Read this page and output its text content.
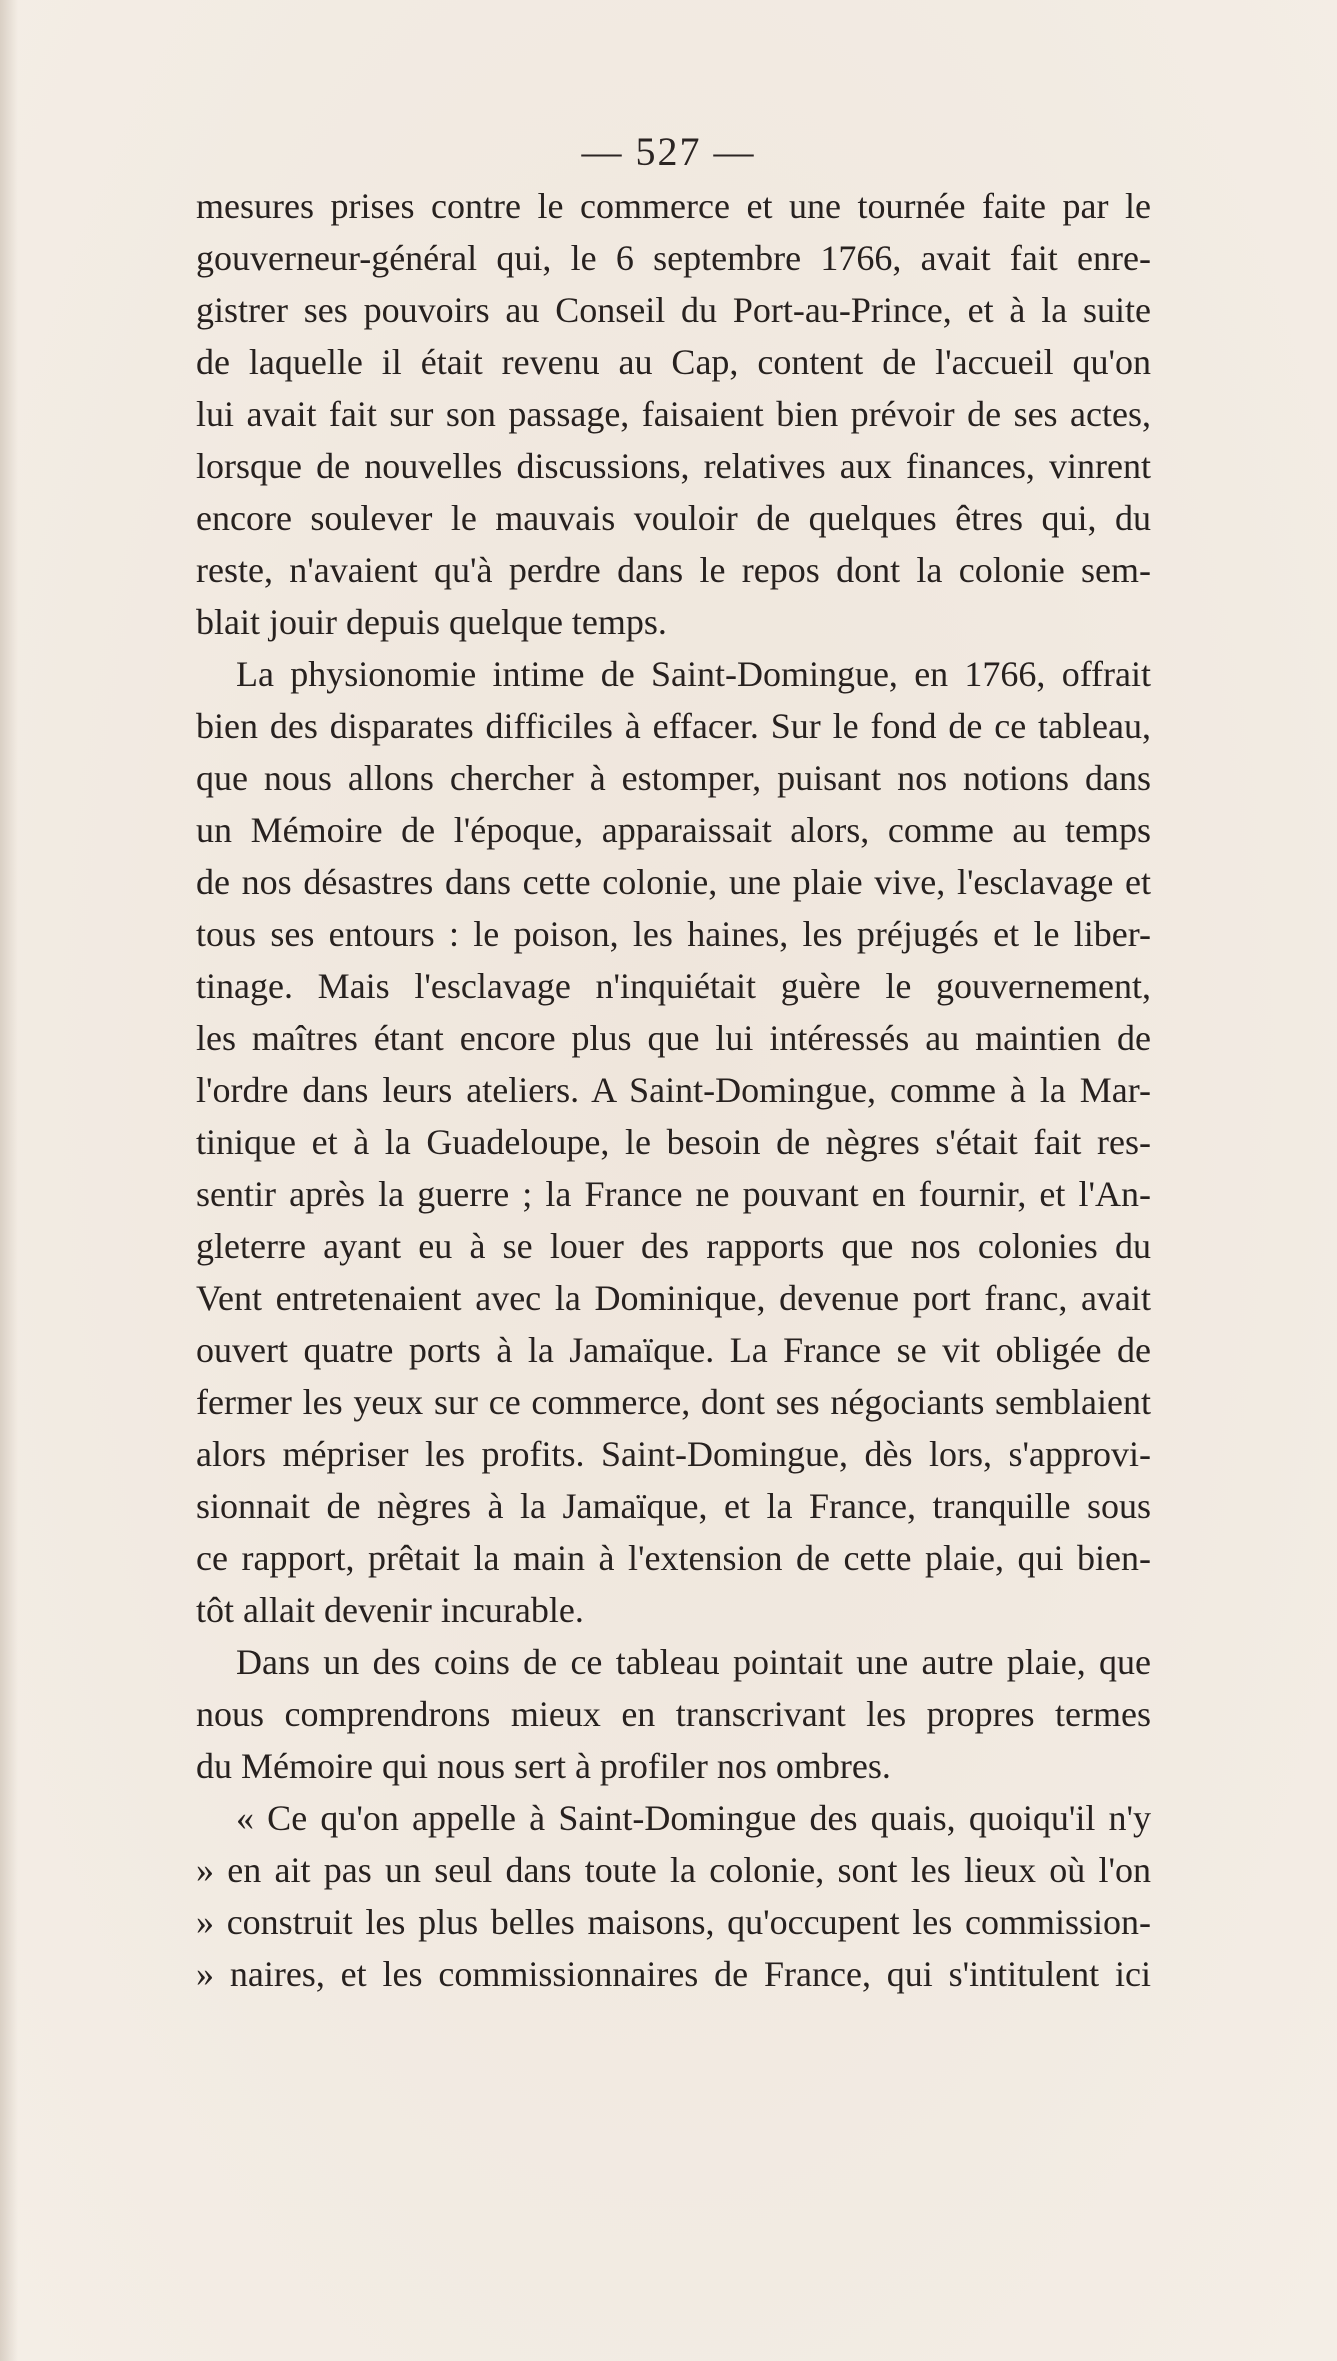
— 527 —
mesures prises contre le commerce et une tournée faite par le
gouverneur-général qui, le 6 septembre 1766, avait fait enre-
gistrer ses pouvoirs au Conseil du Port-au-Prince, et à la suite
de laquelle il était revenu au Cap, content de l'accueil qu'on
lui avait fait sur son passage, faisaient bien prévoir de ses actes,
lorsque de nouvelles discussions, relatives aux finances, vinrent
encore soulever le mauvais vouloir de quelques êtres qui, du
reste, n'avaient qu'à perdre dans le repos dont la colonie sem-
blait jouir depuis quelque temps.
La physionomie intime de Saint-Domingue, en 1766, offrait
bien des disparates difficiles à effacer. Sur le fond de ce tableau,
que nous allons chercher à estomper, puisant nos notions dans
un Mémoire de l'époque, apparaissait alors, comme au temps
de nos désastres dans cette colonie, une plaie vive, l'esclavage et
tous ses entours : le poison, les haines, les préjugés et le liber-
tinage. Mais l'esclavage n'inquiétait guère le gouvernement,
les maîtres étant encore plus que lui intéressés au maintien de
l'ordre dans leurs ateliers. A Saint-Domingue, comme à la Mar-
tinique et à la Guadeloupe, le besoin de nègres s'était fait res-
sentir après la guerre ; la France ne pouvant en fournir, et l'An-
gleterre ayant eu à se louer des rapports que nos colonies du
Vent entretenaient avec la Dominique, devenue port franc, avait
ouvert quatre ports à la Jamaïque. La France se vit obligée de
fermer les yeux sur ce commerce, dont ses négociants semblaient
alors mépriser les profits. Saint-Domingue, dès lors, s'approvi-
sionnait de nègres à la Jamaïque, et la France, tranquille sous
ce rapport, prêtait la main à l'extension de cette plaie, qui bien-
tôt allait devenir incurable.
Dans un des coins de ce tableau pointait une autre plaie, que
nous comprendrons mieux en transcrivant les propres termes
du Mémoire qui nous sert à profiler nos ombres.
« Ce qu'on appelle à Saint-Domingue des quais, quoiqu'il n'y
» en ait pas un seul dans toute la colonie, sont les lieux où l'on
» construit les plus belles maisons, qu'occupent les commission-
» naires, et les commissionnaires de France, qui s'intitulent ici
